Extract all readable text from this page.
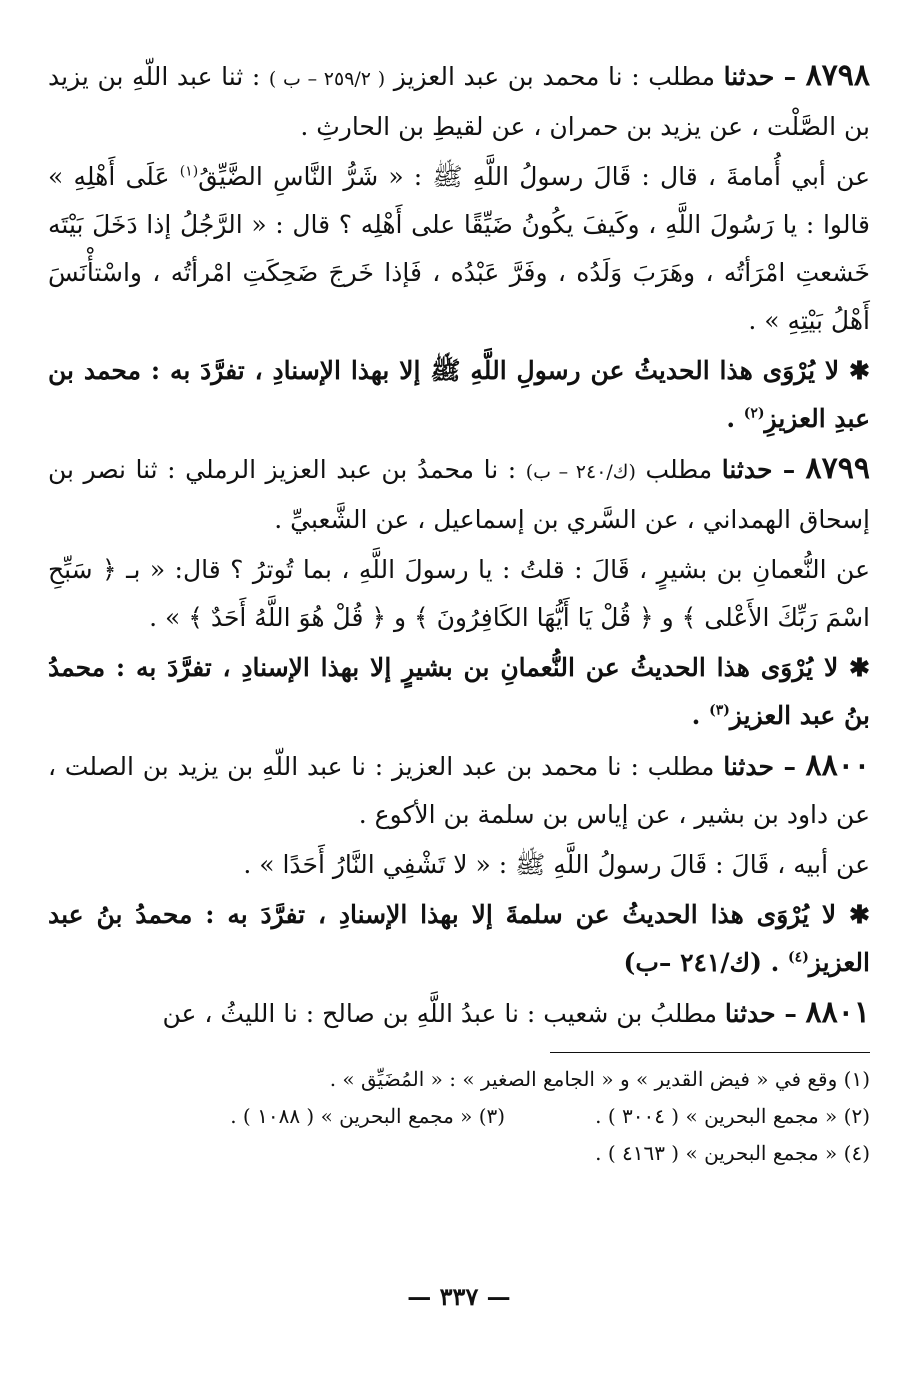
٨٧٩٨ – حدثنا مطلب : نا محمد بن عبد العزيز ( ٢٥٩/٢ – ب ) : ثنا عبد اللّهِ بن يزيد بن الصَّلْت ، عن يزيد بن حمران ، عن لقيطِ بن الحارثِ .

عن أبي أُمامةَ ، قال : قَالَ رسولُ اللَّهِ ﷺ : « شَرُّ النَّاسِ الضَّيِّقُ$^{(١)}$ عَلَى أَهْلِهِ » قالوا : يا رَسُولَ اللَّهِ ، وكَيفَ يكُونُ ضَيِّقًا على أَهْلِه ؟ قال : « الرَّجُلُ إذا دَخَلَ بَيْتَه خَشعتِ امْرَأتُه ، وهَرَبَ وَلَدُه ، وفَرَّ عَبْدُه ، فَإذا خَرجَ ضَحِكَتِ امْرأتُه ، واسْتأْنَسَ أَهْلُ بَيْتِهِ » .

✱ لا يُرْوَى هذا الحديثُ عن رسولِ اللَّهِ ﷺ إلا بهذا الإسنادِ ، تفرَّدَ به : محمد بن عبدِ العزيزِ$^{(٢)}$ .

٨٧٩٩ – حدثنا مطلب (ك/٢٤٠ – ب) : نا محمدُ بن عبد العزيز الرملي : ثنا نصر بن إسحاق الهمداني ، عن السَّري بن إسماعيل ، عن الشَّعبيِّ .

عن النُّعمانِ بن بشيرٍ ، قَالَ : قلتُ : يا رسولَ اللَّهِ ، بما تُوترُ ؟ قال: « بـ ﴿ سَبِّحِ اسْمَ رَبِّكَ الأَعْلى ﴾ و ﴿ قُلْ يَا أَيُّهَا الكَافِرُونَ ﴾ و ﴿ قُلْ هُوَ اللَّهُ أَحَدٌ ﴾ » .

✱ لا يُرْوَى هذا الحديثُ عن النُّعمانِ بن بشيرٍ إلا بهذا الإسنادِ ، تفرَّدَ به : محمدُ بنُ عبد العزيز$^{(٣)}$ .

٨٨٠٠ – حدثنا مطلب : نا محمد بن عبد العزيز : نا عبد اللّهِ بن يزيد بن الصلت ، عن داود بن بشير ، عن إياس بن سلمة بن الأكوع .

عن أبيه ، قَالَ : قَالَ رسولُ اللَّهِ ﷺ : « لا تَشْفِي النَّارُ أَحَدًا » .

✱ لا يُرْوَى هذا الحديثُ عن سلمةَ إلا بهذا الإسنادِ ، تفرَّدَ به : محمدُ بنُ عبد العزيز$^{(٤)}$ . (ك/٢٤١ –ب)

٨٨٠١ – حدثنا مطلبُ بن شعيب : نا عبدُ اللَّهِ بن صالح : نا الليثُ ، عن

(١) وقع في « فيض القدير » و « الجامع الصغير » : « المُضَيِّق » .
(٢) « مجمع البحرين » ( ٣٠٠٤ ) .
(٣) « مجمع البحرين » ( ١٠٨٨ ) .
(٤) « مجمع البحرين » ( ٤١٦٣ ) .
— ٣٣٧ —
